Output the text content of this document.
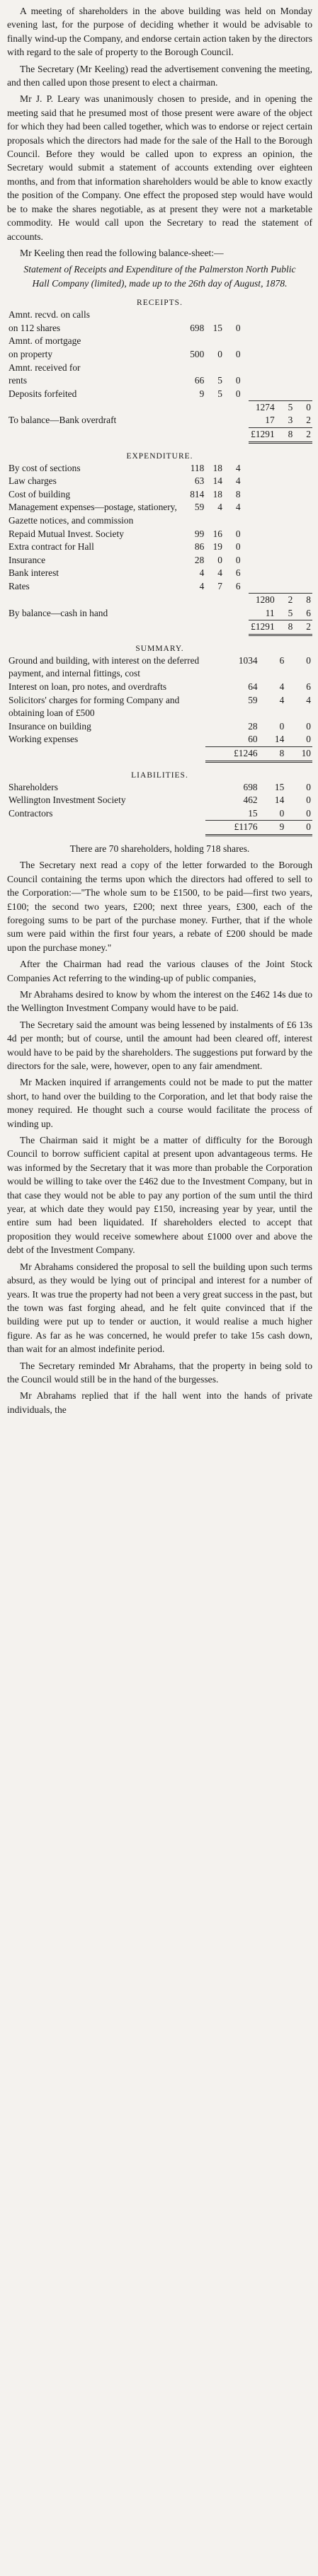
A meeting of shareholders in the above building was held on Monday evening last, for the purpose of deciding whether it would be advisable to finally wind-up the Company, and endorse certain action taken by the directors with regard to the sale of property to the Borough Council.

The Secretary (Mr Keeling) read the advertisement convening the meeting, and then called upon those present to elect a chairman.

Mr J. P. Leary was unanimously chosen to preside, and in opening the meeting said that he presumed most of those present were aware of the object for which they had been called together, which was to endorse or reject certain proposals which the directors had made for the sale of the Hall to the Borough Council. Before they would be called upon to express an opinion, the Secretary would submit a statement of accounts extending over eighteen months, and from that information shareholders would be able to know exactly the position of the Company. One effect the proposed step would have would be to make the shares negotiable, as at present they were not a marketable commodity. He would call upon the Secretary to read the statement of accounts.

Mr Keeling then read the following balance-sheet:—

Statement of Receipts and Expenditure of the Palmerston North Public Hall Company (limited), made up to the 26th day of August, 1878.
RECEIPTS.
Amnt. recvd. on calls							
on 112 shares	698	15	0				
Amnt. of mortgage							
on property	500	0	0				
Amnt. received for							
rents	66	5	0				
Deposits forfeited	9	5	0				
					1274	5	0
To balance—Bank overdraft					17	3	2
					£1291	8	2
EXPENDITURE.
By cost of sections	118	18	4				
Law charges	63	14	4				
Cost of building	814	18	8				
Management expenses—postage, stationery, Gazette notices, and commission	59	4	4				
Repaid Mutual Invest. Society	99	16	0				
Extra contract for Hall	86	19	0				
Insurance	28	0	0				
Bank interest	4	4	6				
Rates	4	7	6				
					1280	2	8
By balance—cash in hand					11	5	6
					£1291	8	2
SUMMARY.
Ground and building, with interest on the deferred payment, and internal fittings, cost	1034	6	0
Interest on loan, pro notes, and overdrafts	64	4	6
Solicitors' charges for forming Company and obtaining loan of £500	59	4	4
Insurance on building	28	0	0
Working expenses	60	14	0
	£1246	8	10
LIABILITIES.
Shareholders	698	15	0
Wellington Investment Society	462	14	0
Contractors	15	0	0
	£1176	9	0

There are 70 shareholders, holding 718 shares.

The Secretary next read a copy of the letter forwarded to the Borough Council containing the terms upon which the directors had offered to sell to the Corporation:—"The whole sum to be £1500, to be paid—first two years, £100; the second two years, £200; next three years, £300, each of the foregoing sums to be part of the purchase money. Further, that if the whole sum were paid within the first four years, a rebate of £200 should be made upon the purchase money."

After the Chairman had read the various clauses of the Joint Stock Companies Act referring to the winding-up of public companies,

Mr Abrahams desired to know by whom the interest on the £462 14s due to the Wellington Investment Company would have to be paid.

The Secretary said the amount was being lessened by instalments of £6 13s 4d per month; but of course, until the amount had been cleared off, interest would have to be paid by the shareholders. The suggestions put forward by the directors for the sale, were, however, open to any fair amendment.

Mr Macken inquired if arrangements could not be made to put the matter short, to hand over the building to the Corporation, and let that body raise the money required. He thought such a course would facilitate the process of winding up.

The Chairman said it might be a matter of difficulty for the Borough Council to borrow sufficient capital at present upon advantageous terms. He was informed by the Secretary that it was more than probable the Corporation would be willing to take over the £462 due to the Investment Company, but in that case they would not be able to pay any portion of the sum until the third year, at which date they would pay £150, increasing year by year, until the entire sum had been liquidated. If shareholders elected to accept that proposition they would receive somewhere about £1000 over and above the debt of the Investment Company.

Mr Abrahams considered the proposal to sell the building upon such terms absurd, as they would be lying out of principal and interest for a number of years. It was true the property had not been a very great success in the past, but the town was fast forging ahead, and he felt quite convinced that if the building were put up to tender or auction, it would realise a much higher figure. As far as he was concerned, he would prefer to take 15s cash down, than wait for an almost indefinite period.

The Secretary reminded Mr Abrahams, that the property in being sold to the Council would still be in the hand of the burgesses.

Mr Abrahams replied that if the hall went into the hands of private individuals, the
